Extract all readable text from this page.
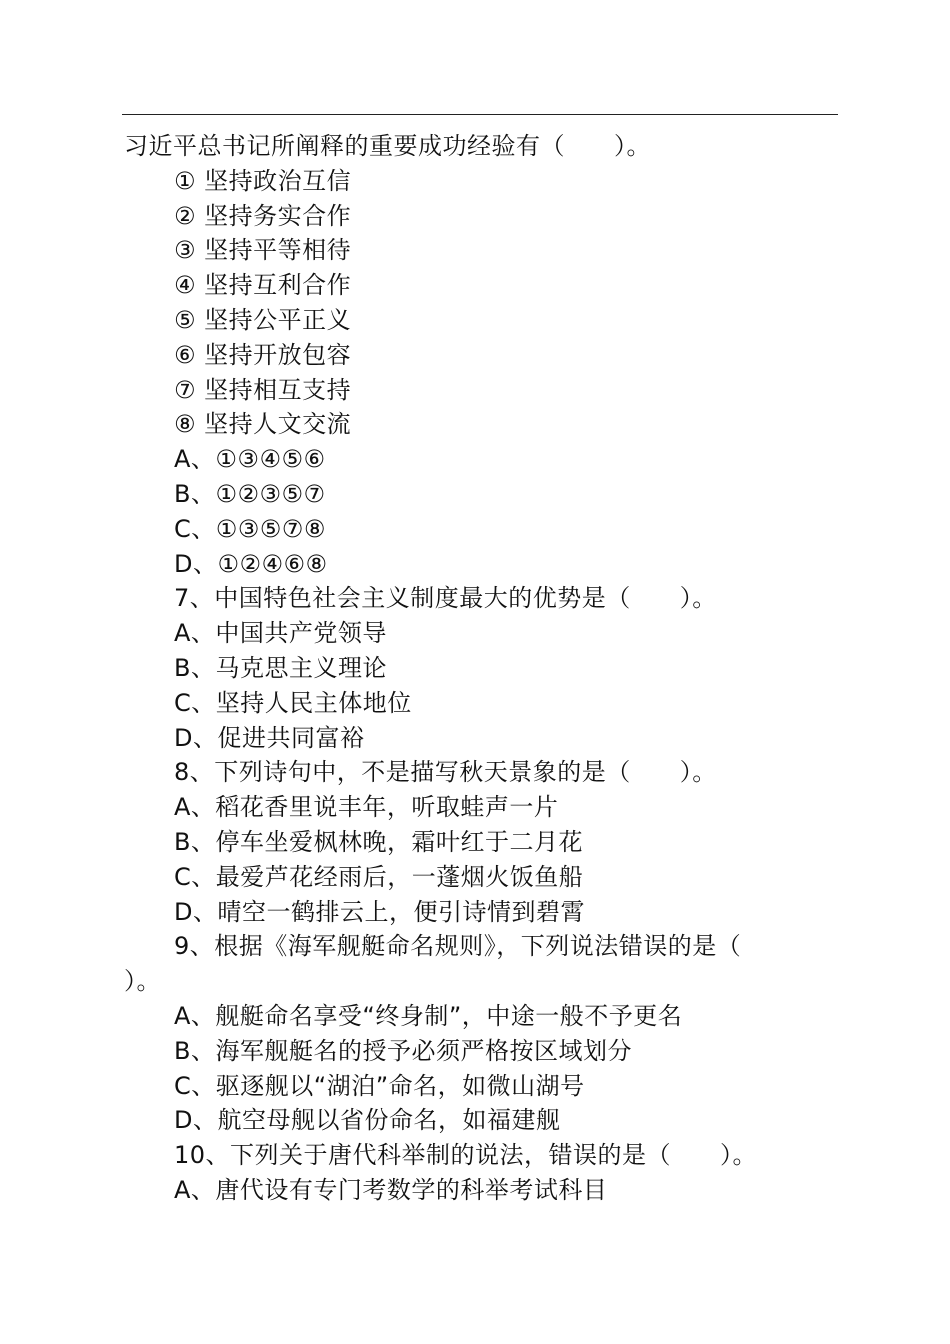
习近平总书记所阐释的重要成功经验有（　　）。
① 坚持政治互信
② 坚持务实合作
③ 坚持平等相待
④ 坚持互利合作
⑤ 坚持公平正义
⑥ 坚持开放包容
⑦ 坚持相互支持
⑧ 坚持人文交流
A、①③④⑤⑥
B、①②③⑤⑦
C、①③⑤⑦⑧
D、①②④⑥⑧
7、中国特色社会主义制度最大的优势是（　　）。
A、中国共产党领导
B、马克思主义理论
C、坚持人民主体地位
D、促进共同富裕
8、下列诗句中，不是描写秋天景象的是（　　）。
A、稻花香里说丰年，听取蛙声一片
B、停车坐爱枫林晚，霜叶红于二月花
C、最爱芦花经雨后，一蓬烟火饭鱼船
D、晴空一鹤排云上，便引诗情到碧霄
9、根据《海军舰艇命名规则》，下列说法错误的是（
）。
A、舰艇命名享受“终身制”，中途一般不予更名
B、海军舰艇名的授予必须严格按区域划分
C、驱逐舰以“湖泊”命名，如微山湖号
D、航空母舰以省份命名，如福建舰
10、下列关于唐代科举制的说法，错误的是（　　）。
A、唐代设有专门考数学的科举考试科目
